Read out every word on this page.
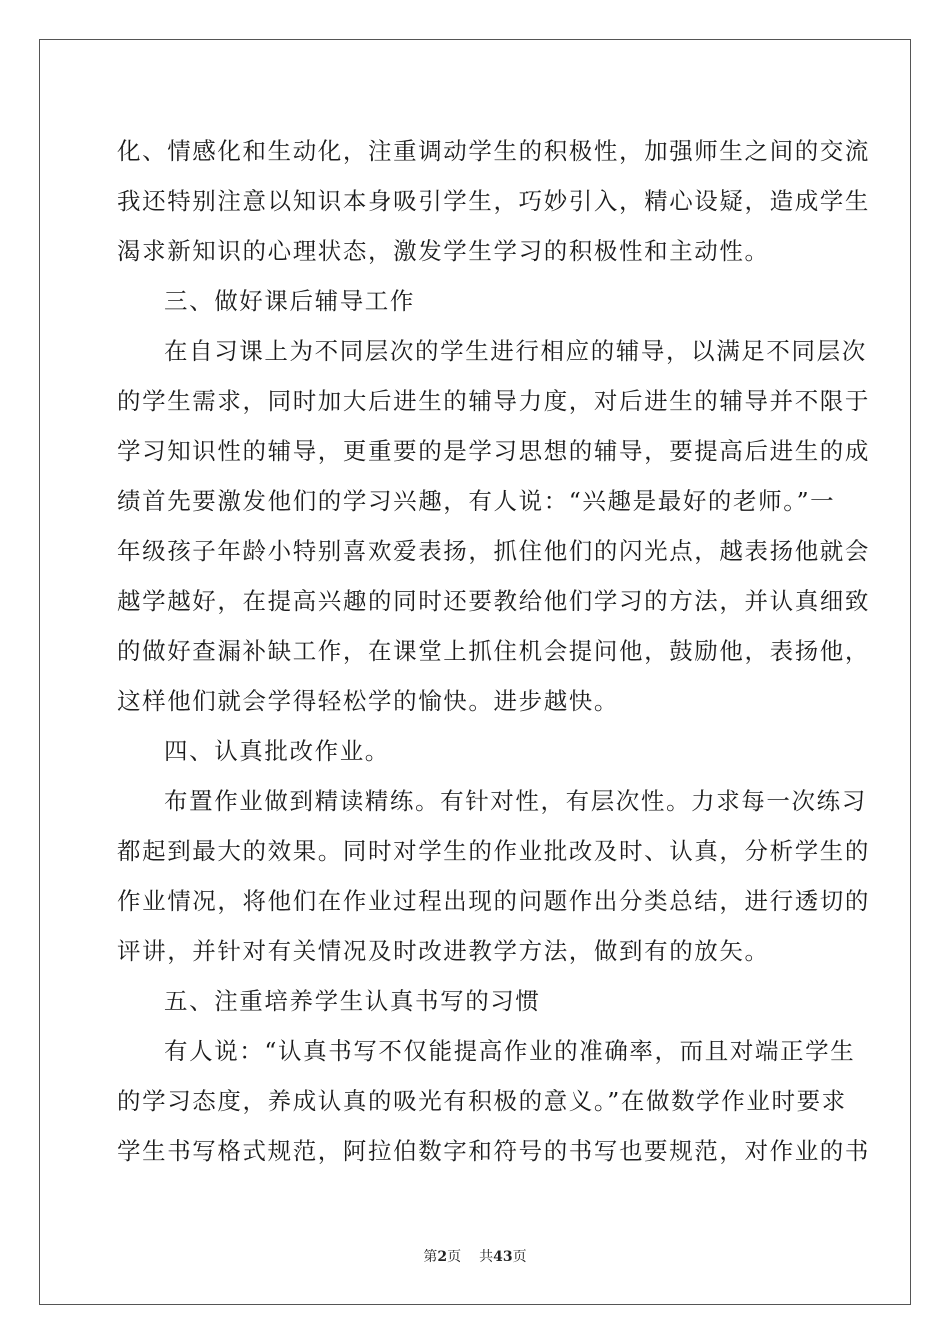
化、情感化和生动化，注重调动学生的积极性，加强师生之间的交流
我还特别注意以知识本身吸引学生，巧妙引入，精心设疑，造成学生
渴求新知识的心理状态，激发学生学习的积极性和主动性。
三、做好课后辅导工作
在自习课上为不同层次的学生进行相应的辅导，以满足不同层次
的学生需求，同时加大后进生的辅导力度，对后进生的辅导并不限于
学习知识性的辅导，更重要的是学习思想的辅导，要提高后进生的成
绩首先要激发他们的学习兴趣，有人说：“兴趣是最好的老师。”一
年级孩子年龄小特别喜欢爱表扬，抓住他们的闪光点，越表扬他就会
越学越好，在提高兴趣的同时还要教给他们学习的方法，并认真细致
的做好查漏补缺工作，在课堂上抓住机会提问他，鼓励他，表扬他，
这样他们就会学得轻松学的愉快。进步越快。
四、认真批改作业。
布置作业做到精读精练。有针对性，有层次性。力求每一次练习
都起到最大的效果。同时对学生的作业批改及时、认真，分析学生的
作业情况，将他们在作业过程出现的问题作出分类总结，进行透切的
评讲，并针对有关情况及时改进教学方法，做到有的放矢。
五、注重培养学生认真书写的习惯
有人说：“认真书写不仅能提高作业的准确率，而且对端正学生
的学习态度，养成认真的吸光有积极的意义。”在做数学作业时要求
学生书写格式规范，阿拉伯数字和符号的书写也要规范，对作业的书
第2页 共43页
